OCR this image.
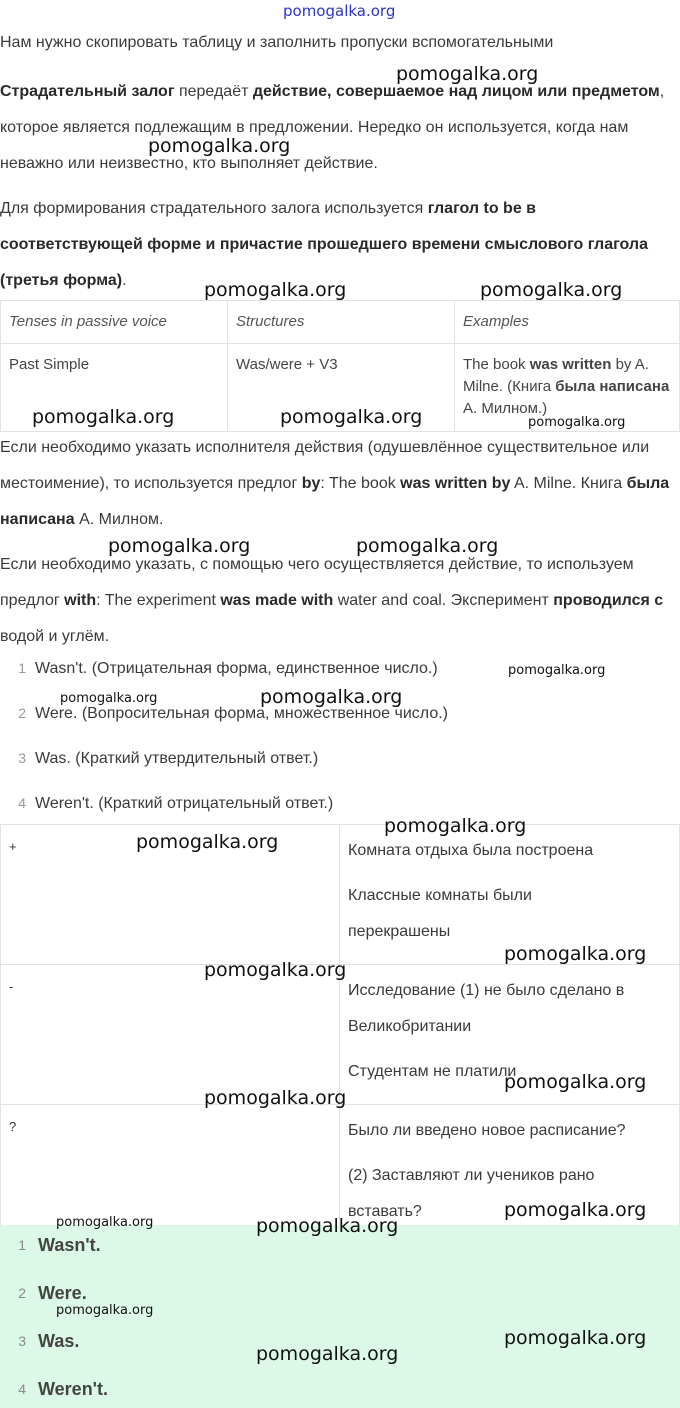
pomogalka.org

Нам нужно скопировать таблицу и заполнить пропуски вспомогательными

Страдательный залог передаёт действие, совершаемое над лицом или предметом, которое является подлежащим в предложении. Нередко он используется, когда нам неважно или неизвестно, кто выполняет действие.

Для формирования страдательного залога используется глагол to be в соответствующей форме и причастие прошедшего времени смыслового глагола (третья форма).

Tenses in passive voice	Structures	Examples
Past Simple	Was/were + V3	The book was written by A. Milne. (Книга была написана А. Милном.)

Если необходимо указать исполнителя действия (одушевлённое существительное или местоимение), то используется предлог by: The book was written by A. Milne. Книга была написана А. Милном.

Если необходимо указать, с помощью чего осуществляется действие, то используем предлог with: The experiment was made with water and coal. Эксперимент проводился с водой и углём.

1 Wasn't. (Отрицательная форма, единственное число.)
2 Were. (Вопросительная форма, множественное число.)
3 Was. (Краткий утвердительный ответ.)
4 Weren't. (Краткий отрицательный ответ.)
+	Комната отдыха была построена
Классные комнаты были
перекрашены

-	Исследование (1) не было сделано в
Великобритании
Студентам не платили

?	Было ли введено новое расписание?
(2) Заставляют ли учеников рано
вставать?
1 Wasn't.
2 Were.
3 Was.
4 Weren't.
pomogalka.org
pomogalka.org
pomogalka.org	pomogalka.org
pomogalka.org	pomogalka.org	pomogalka.org
pomogalka.org	pomogalka.org
pomogalka.org
pomogalka.org	pomogalka.org
pomogalka.org
pomogalka.org
pomogalka.org
pomogalka.org
pomogalka.org
pomogalka.org
pomogalka.org
pomogalka.org	pomogalka.org
pomogalka.org
pomogalka.org
pomogalka.org
